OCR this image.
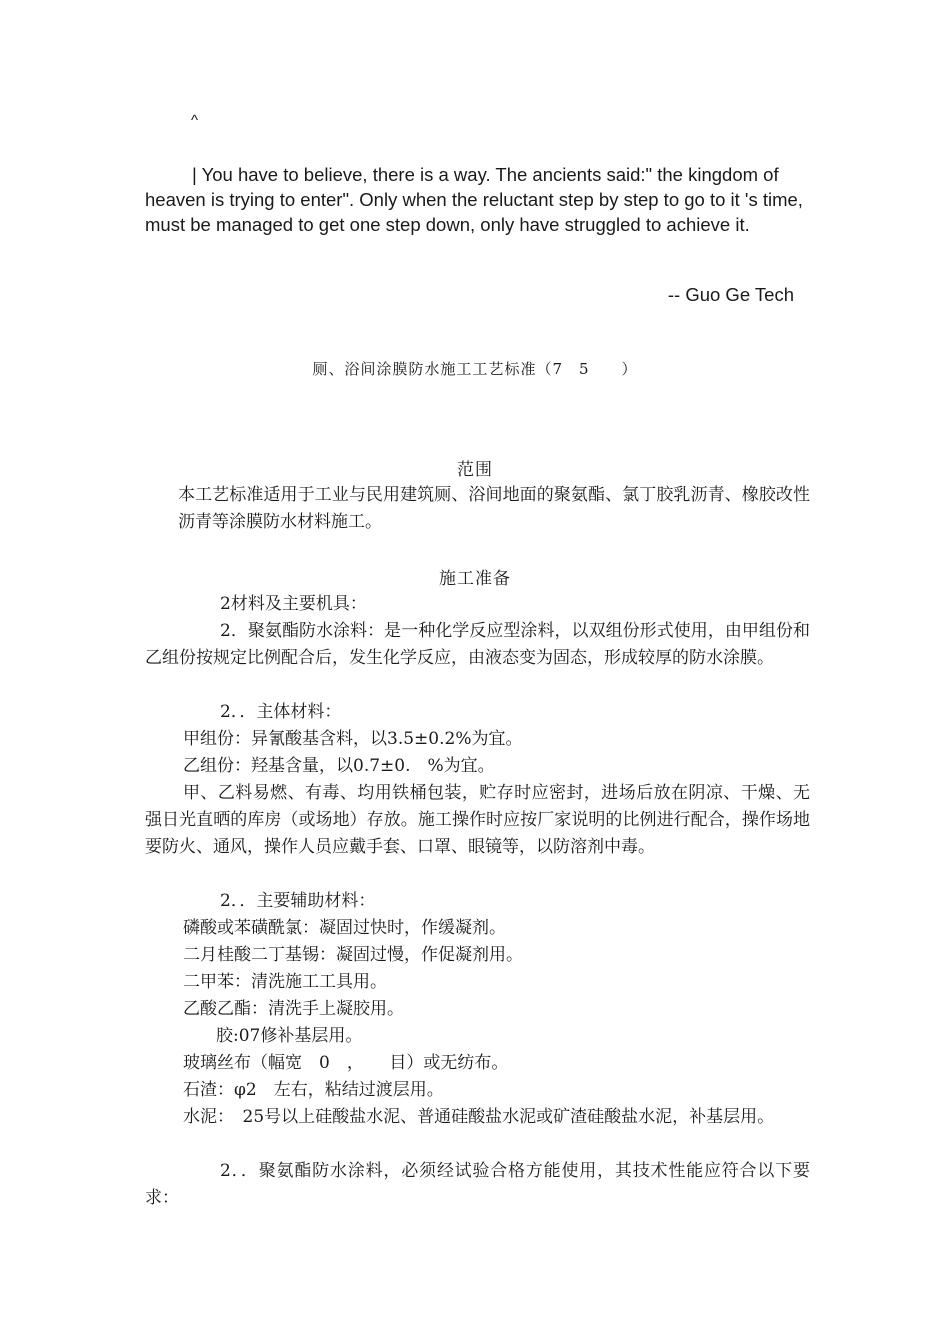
^
| You have to believe, there is a way. The ancients said:" the kingdom of
heaven is trying to enter". Only when the reluctant step by step to go to it 's time, must be managed to get one step down, only have struggled to achieve it.
-- Guo Ge Tech
厕、浴间涂膜防水施工工艺标准（7　5　　）
范围
本工艺标准适用于工业与民用建筑厕、浴间地面的聚氨酯、氯丁胶乳沥青、橡胶改性沥青等涂膜防水材料施工。
施工准备
2材料及主要机具：
2．聚氨酯防水涂料：是一种化学反应型涂料，以双组份形式使用，由甲组份和乙组份按规定比例配合后，发生化学反应，由液态变为固态，形成较厚的防水涂膜。
2．．主体材料：
甲组份：异氰酸基含料，以3.5±0.2%为宜。
乙组份：羟基含量，以0.7±0.　%为宜。
甲、乙料易燃、有毒、均用铁桶包装，贮存时应密封，进场后放在阴凉、干燥、无强日光直晒的库房（或场地）存放。施工操作时应按厂家说明的比例进行配合，操作场地要防火、通风，操作人员应戴手套、口罩、眼镜等，以防溶剂中毒。
2．．主要辅助材料：
磷酸或苯磺酰氯：凝固过快时，作缓凝剂。
二月桂酸二丁基锡：凝固过慢，作促凝剂用。
二甲苯：清洗施工工具用。
乙酸乙酯：清洗手上凝胶用。
胶:07修补基层用。
玻璃丝布（幅宽　0　，　　目）或无纺布。
石渣：φ2　左右，粘结过渡层用。
水泥：　25号以上硅酸盐水泥、普通硅酸盐水泥或矿渣硅酸盐水泥，补基层用。
2．．聚氨酯防水涂料，必须经试验合格方能使用，其技术性能应符合以下要求：
